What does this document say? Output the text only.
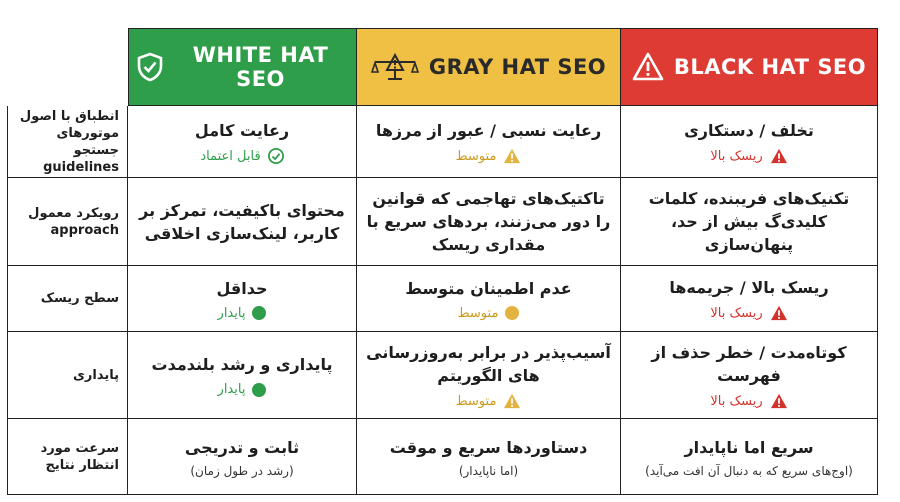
WHITE HAT SEO	GRAY HAT SEO	BLACK HAT SEO
انطباق با اصول موتورهای جستجو guidelines
رعایت کامل
قابل اعتماد
رعایت نسبی / عبور از مرزها
متوسط
تخلف / دستکاری
ریسک بالا
رویکرد معمول approach
محتوای باکیفیت، تمرکز بر کاربر، لینک‌سازی اخلاقی
تاکتیک‌های تهاجمی که قوانین را دور می‌زنند، بردهای سریع با مقداری ریسک
تکنیک‌های فریبنده، کلمات کلیدی‌گ بیش از حد، پنهان‌سازی
سطح ریسک
حداقل
پایدار
عدم اطمینان متوسط
متوسط
ریسک بالا / جریمه‌ها
ریسک بالا
پایداری
پایداری و رشد بلندمدت
پایدار
آسیب‌پذیر در برابر به‌روزرسانی های الگوریتم
متوسط
کوتاه‌مدت / خطر حذف از فهرست
ریسک بالا
سرعت مورد انتظار نتایج
ثابت و تدریجی
(رشد در طول زمان)
دستاوردها سریع و موقت
(اما ناپایدار)
سریع اما ناپایدار
(اوج‌های سریع که به دنبال آن افت می‌آید)
